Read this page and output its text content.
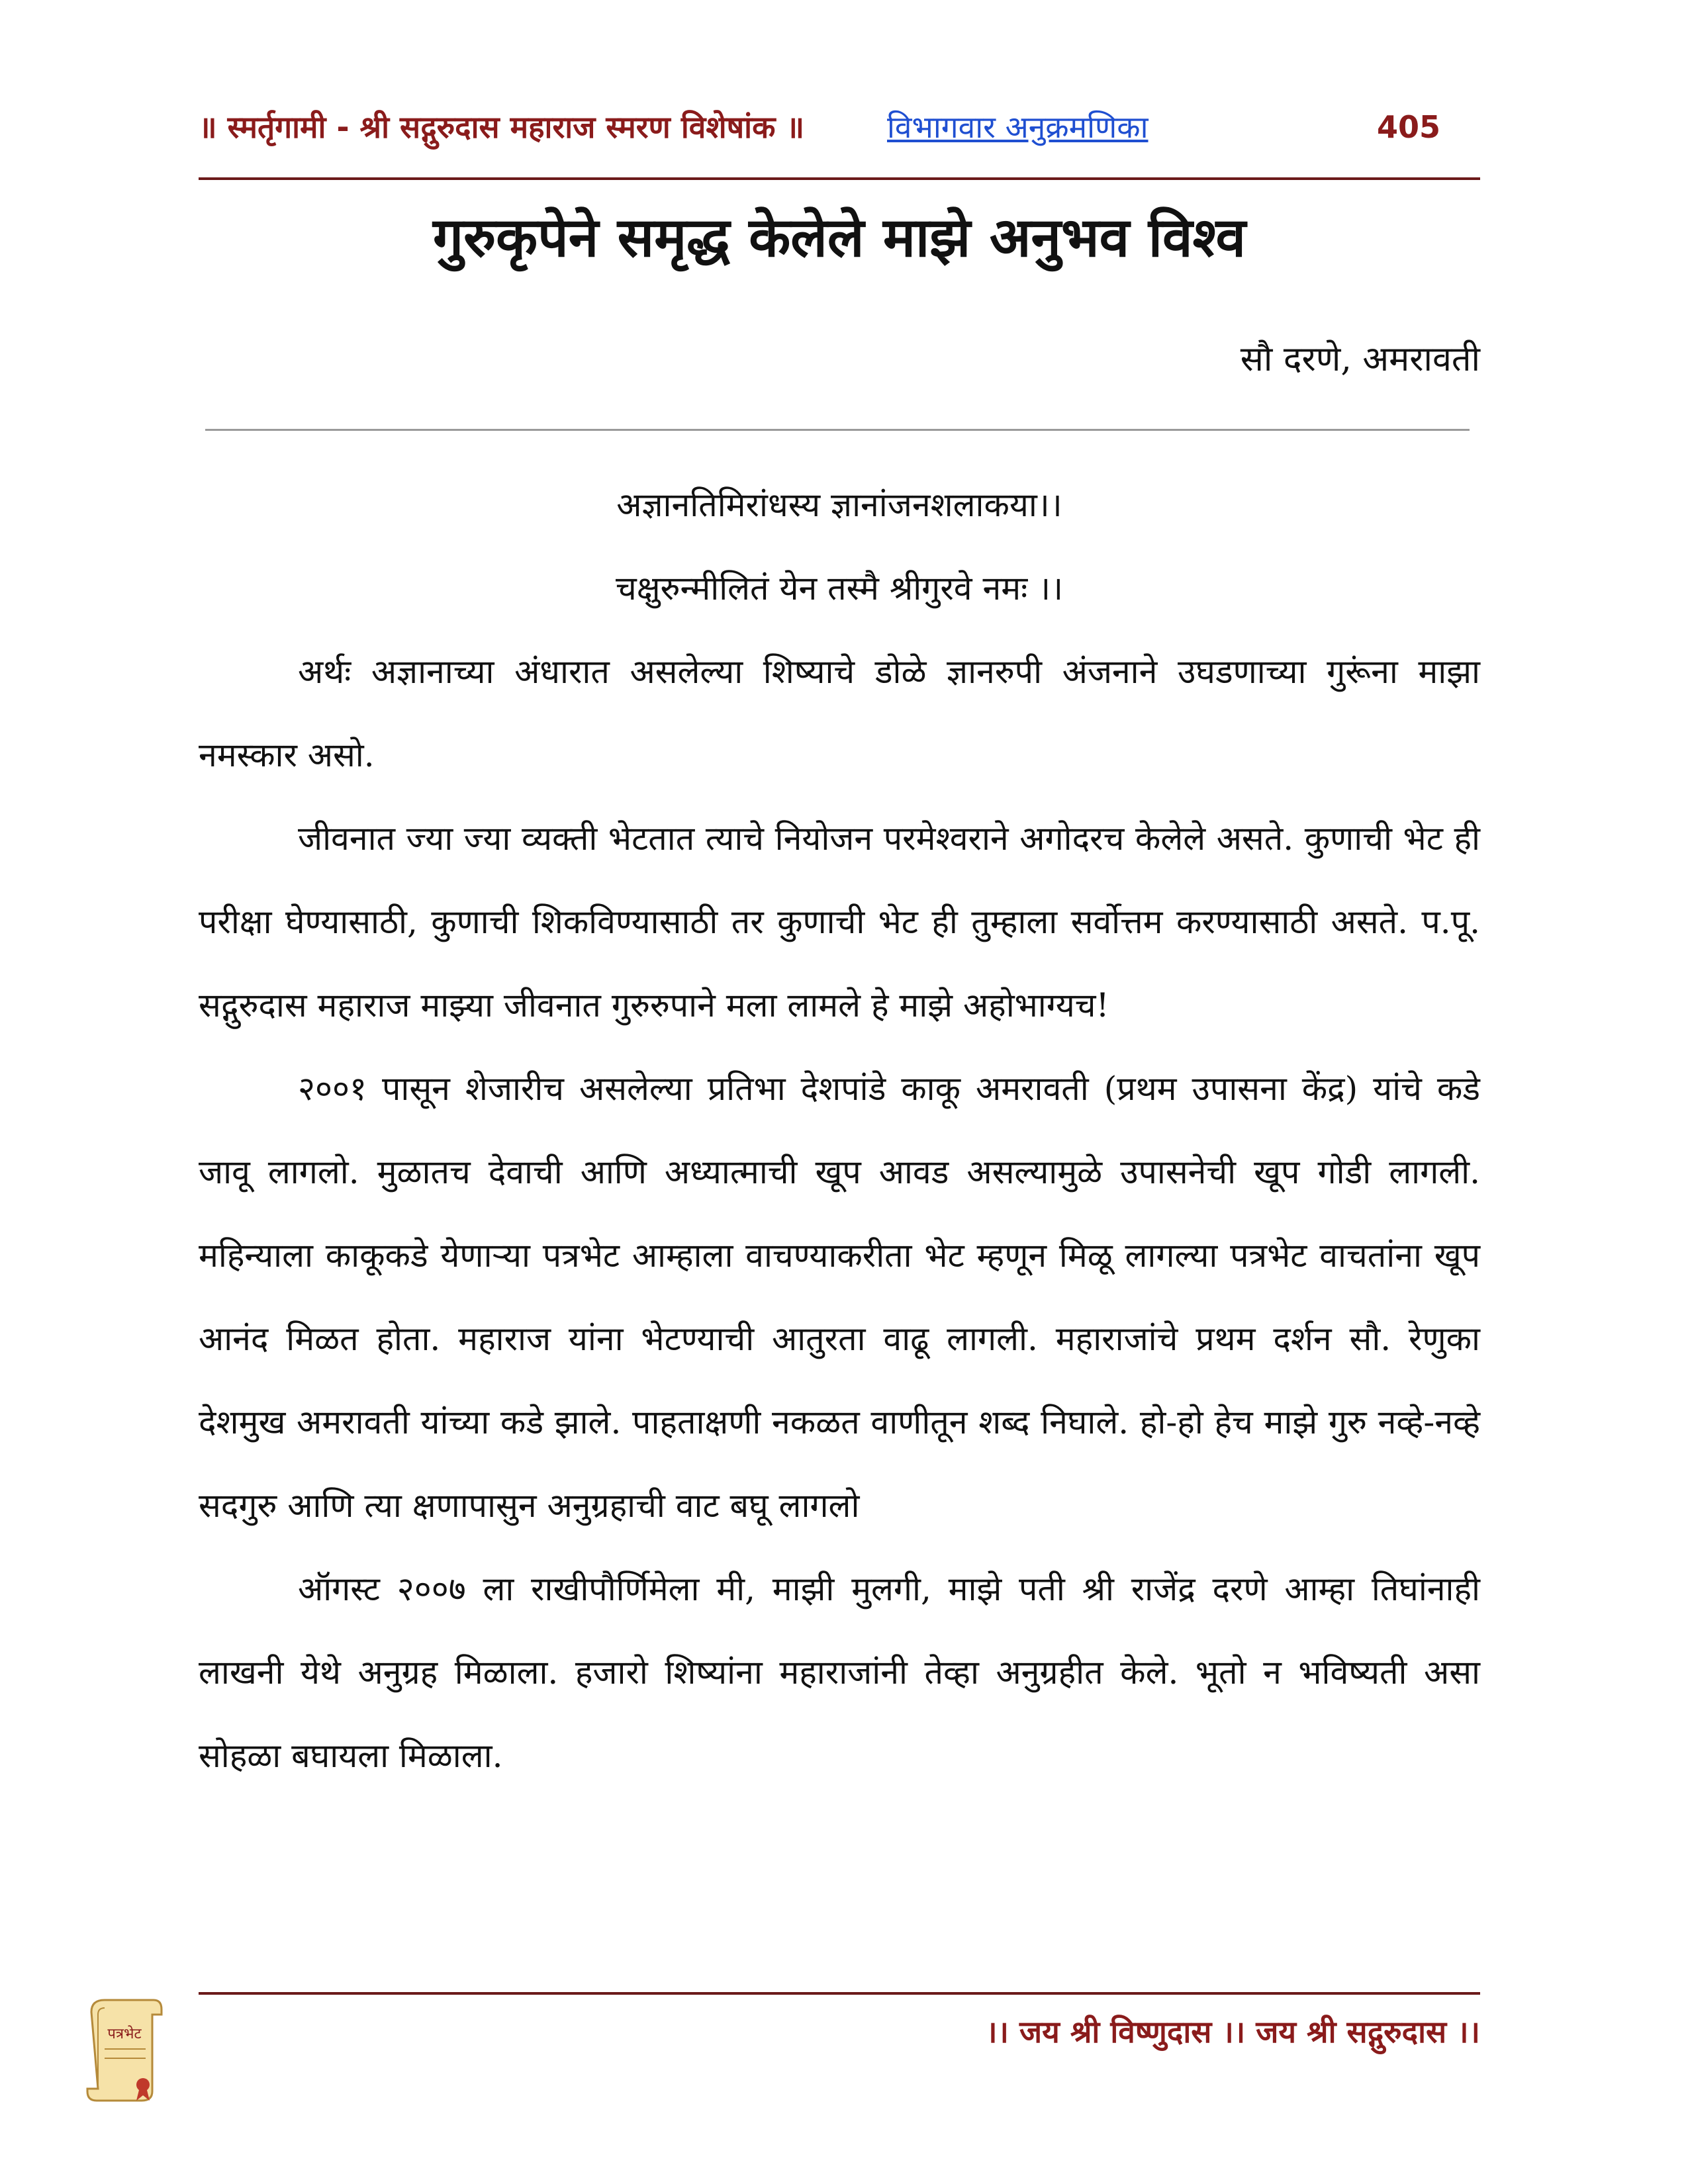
॥ स्मर्तृगामी - श्री सद्गुरुदास महाराज स्मरण विशेषांक ॥	विभागवार अनुक्रमणिका	405
गुरुकृपेने समृद्ध केलेले माझे अनुभव विश्व
सौ दरणे, अमरावती

अज्ञानतिमिरांधस्य ज्ञानांजनशलाकया।।

चक्षुरुन्मीलितं येन तस्मै श्रीगुरवे नमः ।।

अर्थः अज्ञानाच्या अंधारात असलेल्या शिष्याचे डोळे ज्ञानरुपी अंजनाने उघडणाच्या गुरूंना माझा नमस्कार असो.

जीवनात ज्या ज्या व्यक्ती भेटतात त्याचे नियोजन परमेश्वराने अगोदरच केलेले असते. कुणाची भेट ही परीक्षा घेण्यासाठी, कुणाची शिकविण्यासाठी तर कुणाची भेट ही तुम्हाला सर्वोत्तम करण्यासाठी असते. प.पू. सद्गुरुदास महाराज माझ्या जीवनात गुरुरुपाने मला लामले हे माझे अहोभाग्यच!

२००१ पासून शेजारीच असलेल्या प्रतिभा देशपांडे काकू अमरावती (प्रथम उपासना केंद्र) यांचे कडे जावू लागलो. मुळातच देवाची आणि अध्यात्माची खूप आवड असल्यामुळे उपासनेची खूप गोडी लागली. महिन्याला काकूकडे येणाऱ्या पत्रभेट आम्हाला वाचण्याकरीता भेट म्हणून मिळू लागल्या पत्रभेट वाचतांना खूप आनंद मिळत होता. महाराज यांना भेटण्याची आतुरता वाढू लागली. महाराजांचे प्रथम दर्शन सौ. रेणुका देशमुख अमरावती यांच्या कडे झाले. पाहताक्षणी नकळत वाणीतून शब्द निघाले. हो-हो हेच माझे गुरु नव्हे-नव्हे सदगुरु आणि त्या क्षणापासुन अनुग्रहाची वाट बघू लागलो

ऑगस्ट २००७ ला राखीपौर्णिमेला मी, माझी मुलगी, माझे पती श्री राजेंद्र दरणे आम्हा तिघांनाही लाखनी येथे अनुग्रह मिळाला. हजारो शिष्यांना महाराजांनी तेव्हा अनुग्रहीत केले. भूतो न भविष्यती असा सोहळा बघायला मिळाला.

पत्रभेट	।। जय श्री विष्णुदास ।। जय श्री सद्गुरुदास ।।
